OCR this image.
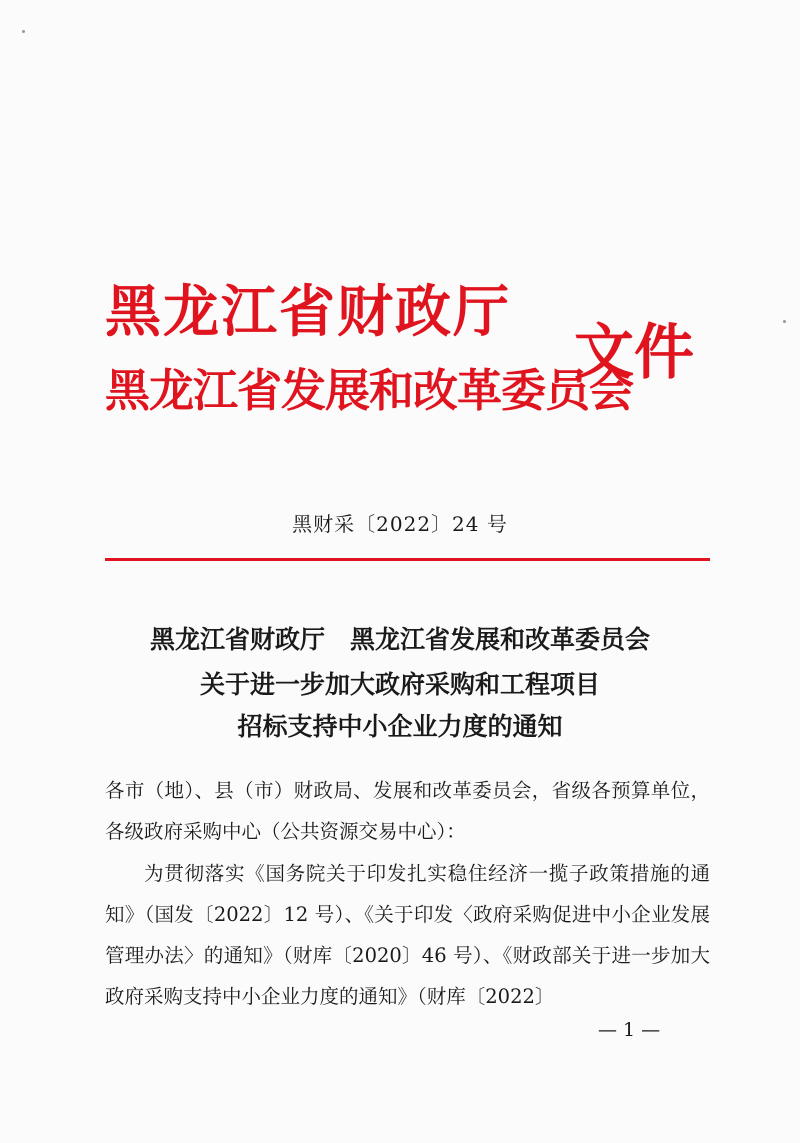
黑龙江省财政厅
黑龙江省发展和改革委员会
文件
黑财采〔2022〕24 号
黑龙江省财政厅　黑龙江省发展和改革委员会
关于进一步加大政府采购和工程项目
招标支持中小企业力度的通知
各市（地）、县（市）财政局、发展和改革委员会，省级各预算单位，各级政府采购中心（公共资源交易中心）：
为贯彻落实《国务院关于印发扎实稳住经济一揽子政策措施的通知》（国发〔2022〕12 号）、《关于印发〈政府采购促进中小企业发展管理办法〉的通知》（财库〔2020〕46 号）、《财政部关于进一步加大政府采购支持中小企业力度的通知》（财库〔2022〕
— 1 —
